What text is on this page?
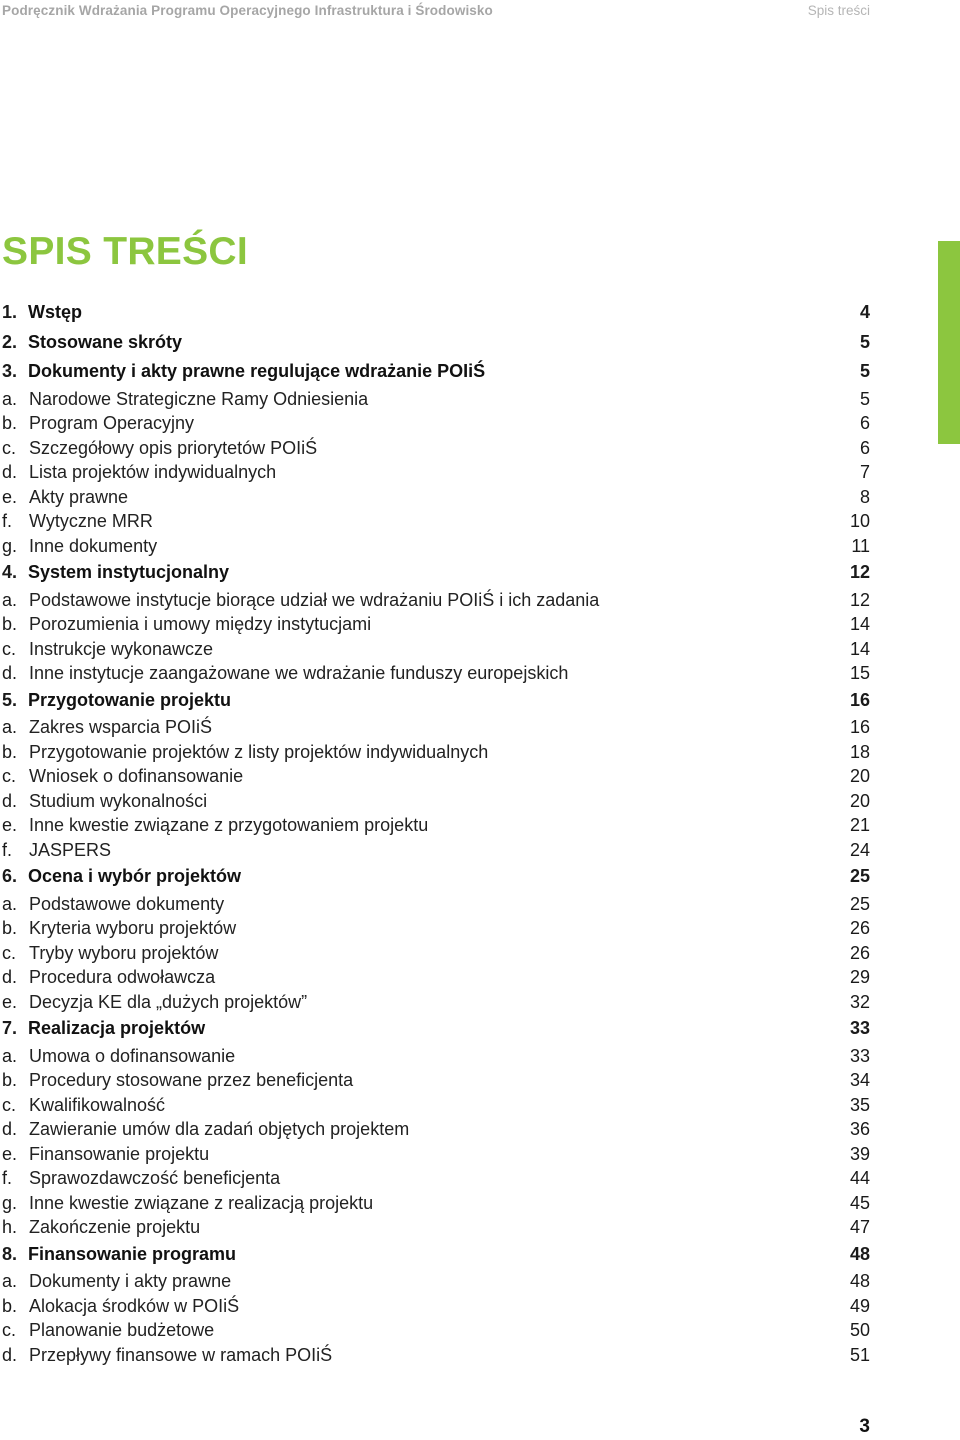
Podręcznik Wdrażania Programu Operacyjnego Infrastruktura i Środowisko	Spis treści
SPIS TREŚCI
1. Wstęp	4
2. Stosowane skróty	5
3. Dokumenty i akty prawne regulujące wdrażanie POIiŚ	5
a. Narodowe Strategiczne Ramy Odniesienia	5
b. Program Operacyjny	6
c. Szczegółowy opis priorytetów POIiŚ	6
d. Lista projektów indywidualnych	7
e. Akty prawne	8
f. Wytyczne MRR	10
g. Inne dokumenty	11
4. System instytucjonalny	12
a. Podstawowe instytucje biorące udział we wdrażaniu POIiŚ i ich zadania	12
b. Porozumienia i umowy między instytucjami	14
c. Instrukcje wykonawcze	14
d. Inne instytucje zaangażowane we wdrażanie funduszy europejskich	15
5. Przygotowanie projektu	16
a. Zakres wsparcia POIiŚ	16
b. Przygotowanie projektów z listy projektów indywidualnych	18
c. Wniosek o dofinansowanie	20
d. Studium wykonalności	20
e. Inne kwestie związane z przygotowaniem projektu	21
f. JASPERS	24
6. Ocena i wybór projektów	25
a. Podstawowe dokumenty	25
b. Kryteria wyboru projektów	26
c. Tryby wyboru projektów	26
d. Procedura odwoławcza	29
e. Decyzja KE dla „dużych projektów”	32
7. Realizacja projektów	33
a. Umowa o dofinansowanie	33
b. Procedury stosowane przez beneficjenta	34
c. Kwalifikowalność	35
d. Zawieranie umów dla zadań objętych projektem	36
e. Finansowanie projektu	39
f. Sprawozdawczość beneficjenta	44
g. Inne kwestie związane z realizacją projektu	45
h. Zakończenie projektu	47
8. Finansowanie programu	48
a. Dokumenty i akty prawne	48
b. Alokacja środków w POIiŚ	49
c. Planowanie budżetowe	50
d. Przepływy finansowe w ramach POIiŚ	51
3
